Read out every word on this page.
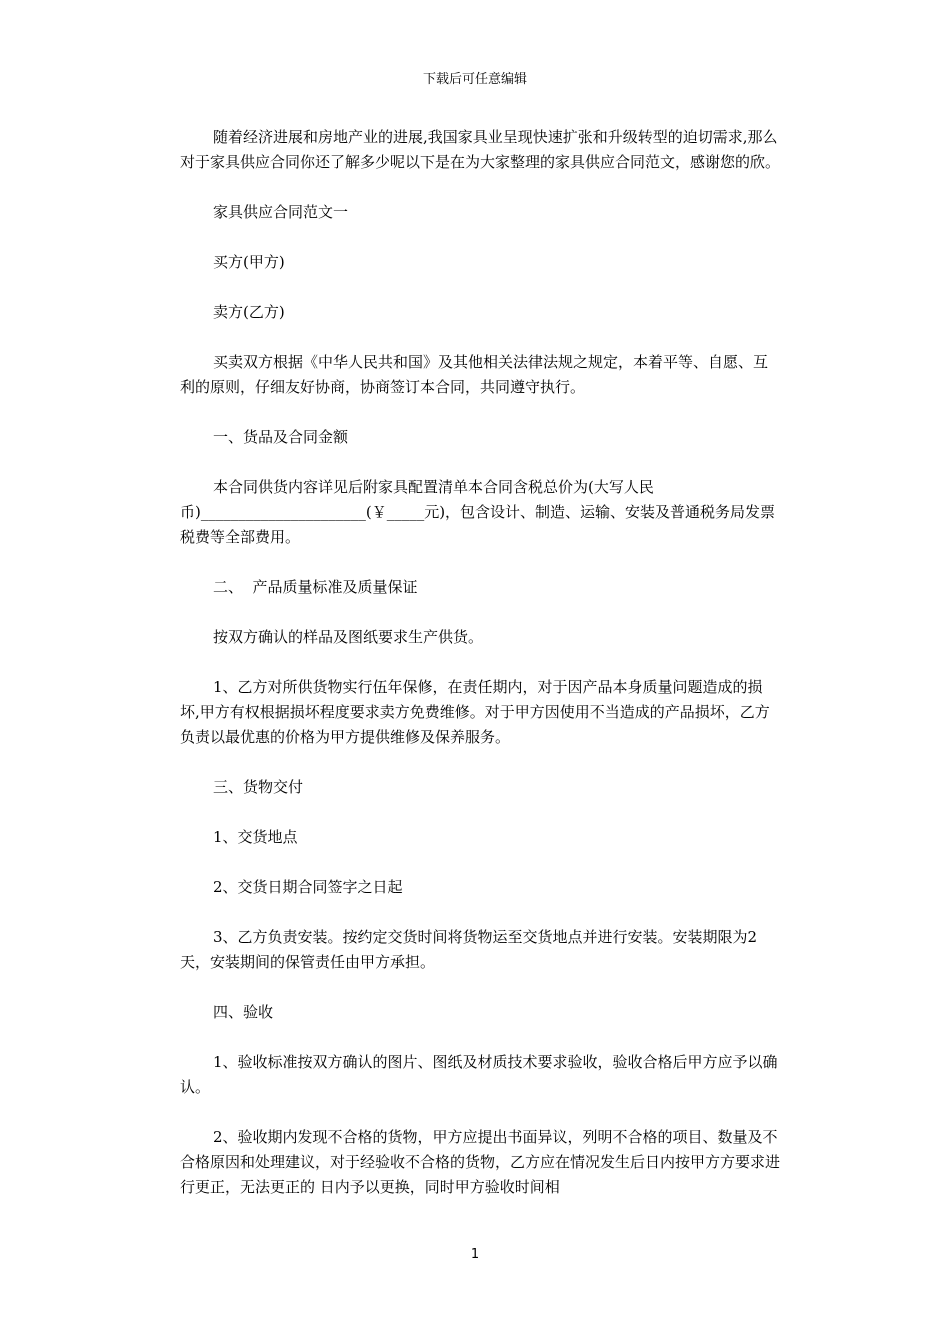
下载后可任意编辑

随着经济进展和房地产业的进展,我国家具业呈现快速扩张和升级转型的迫切需求,那么对于家具供应合同你还了解多少呢以下是在为大家整理的家具供应合同范文，感谢您的欣。

家具供应合同范文一

买方(甲方)

卖方(乙方)

买卖双方根据《中华人民共和国》及其他相关法律法规之规定，本着平等、自愿、互利的原则，仔细友好协商，协商签订本合同，共同遵守执行。

一、货品及合同金额

本合同供货内容详见后附家具配置清单本合同含税总价为(大写人民币)______________________(￥_____元)，包含设计、制造、运输、安装及普通税务局发票税费等全部费用。

二、  产品质量标准及质量保证

按双方确认的样品及图纸要求生产供货。

1、乙方对所供货物实行伍年保修，在责任期内，对于因产品本身质量问题造成的损坏,甲方有权根据损坏程度要求卖方免费维修。对于甲方因使用不当造成的产品损坏，乙方负责以最优惠的价格为甲方提供维修及保养服务。

三、货物交付

1、交货地点

2、交货日期合同签字之日起

3、乙方负责安装。按约定交货时间将货物运至交货地点并进行安装。安装期限为2天，安装期间的保管责任由甲方承担。

四、验收

1、验收标准按双方确认的图片、图纸及材质技术要求验收，验收合格后甲方应予以确认。

2、验收期内发现不合格的货物，甲方应提出书面异议，列明不合格的项目、数量及不合格原因和处理建议，对于经验收不合格的货物，乙方应在情况发生后日内按甲方方要求进行更正，无法更正的 日内予以更换，同时甲方验收时间相

1
